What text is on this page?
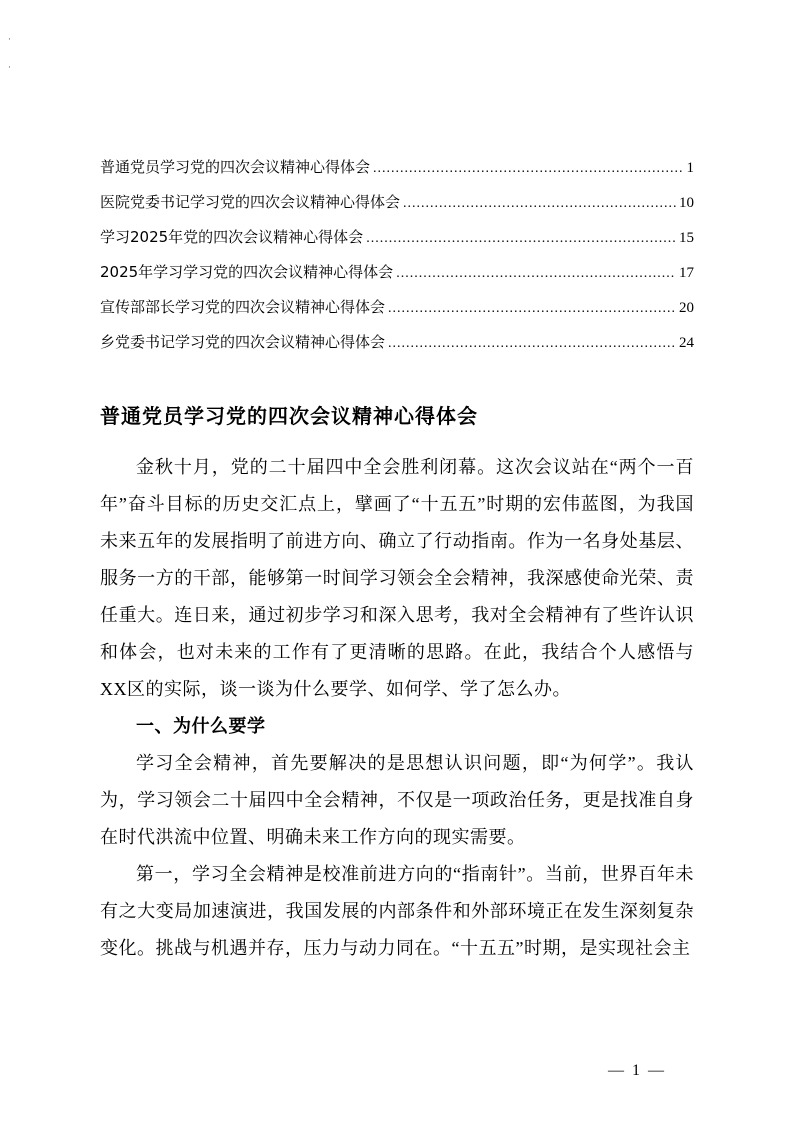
·
·
普通党员学习党的四次会议精神心得体会 .....	1
医院党委书记学习党的四次会议精神心得体会 .....	10
学习2025年党的四次会议精神心得体会 .....	15
2025年学习学习党的四次会议精神心得体会 .....	17
宣传部部长学习党的四次会议精神心得体会 .....	20
乡党委书记学习党的四次会议精神心得体会 .....	24
普通党员学习党的四次会议精神心得体会

金秋十月，党的二十届四中全会胜利闭幕。这次会议站在“两个一百年”奋斗目标的历史交汇点上，擘画了“十五五”时期的宏伟蓝图，为我国未来五年的发展指明了前进方向、确立了行动指南。作为一名身处基层、服务一方的干部，能够第一时间学习领会全会精神，我深感使命光荣、责任重大。连日来，通过初步学习和深入思考，我对全会精神有了些许认识和体会，也对未来的工作有了更清晰的思路。在此，我结合个人感悟与XX区的实际，谈一谈为什么要学、如何学、学了怎么办。

一、为什么要学

学习全会精神，首先要解决的是思想认识问题，即“为何学”。我认为，学习领会二十届四中全会精神，不仅是一项政治任务，更是找准自身在时代洪流中位置、明确未来工作方向的现实需要。

第一，学习全会精神是校准前进方向的“指南针”。当前，世界百年未有之大变局加速演进，我国发展的内部条件和外部环境正在发生深刻复杂变化。挑战与机遇并存，压力与动力同在。“十五五”时期，是实现社会主

— 1 —
